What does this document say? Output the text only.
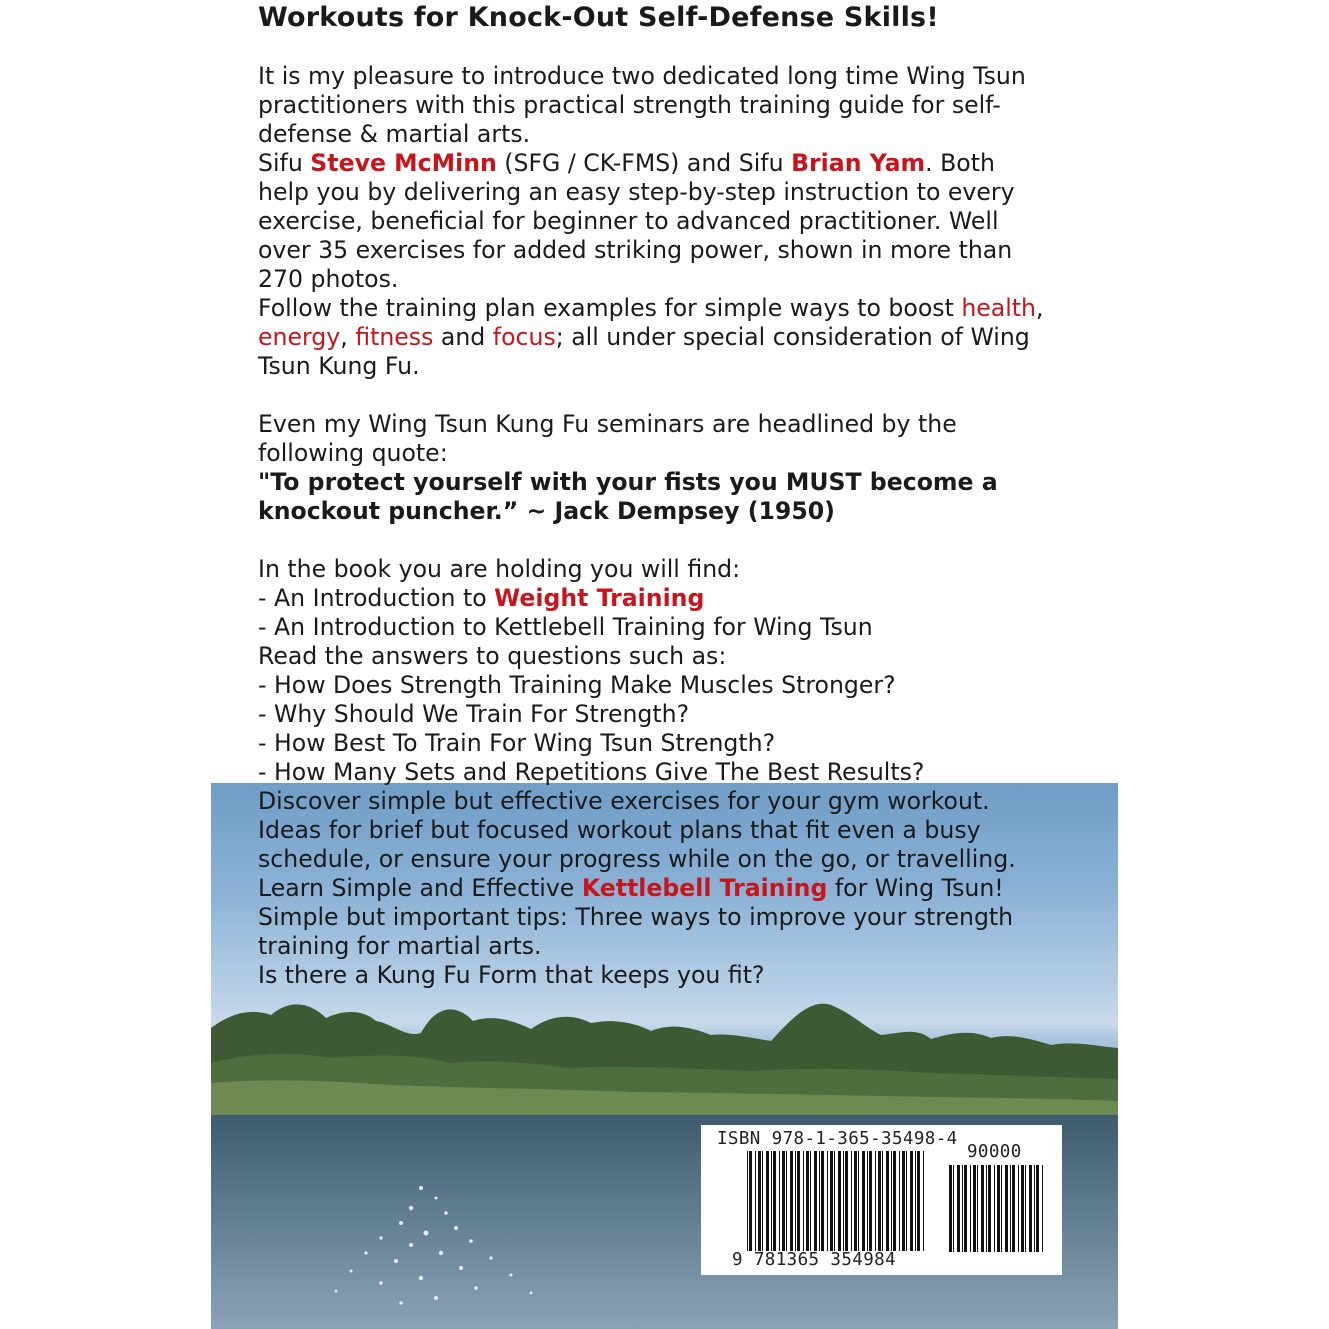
Workouts for Knock-Out Self-Defense Skills!
It is my pleasure to introduce two dedicated long time Wing Tsun
practitioners with this practical strength training guide for self-
defense & martial arts.
Sifu Steve McMinn (SFG / CK-FMS) and Sifu Brian Yam. Both
help you by delivering an easy step-by-step instruction to every
exercise, beneficial for beginner to advanced practitioner. Well
over 35 exercises for added striking power, shown in more than
270 photos.
Follow the training plan examples for simple ways to boost health,
energy, fitness and focus; all under special consideration of Wing
Tsun Kung Fu.
Even my Wing Tsun Kung Fu seminars are headlined by the
following quote:
"To protect yourself with your fists you MUST become a
knockout puncher.” ~ Jack Dempsey (1950)
In the book you are holding you will find:
- An Introduction to Weight Training
- An Introduction to Kettlebell Training for Wing Tsun
Read the answers to questions such as:
- How Does Strength Training Make Muscles Stronger?
- Why Should We Train For Strength?
- How Best To Train For Wing Tsun Strength?
- How Many Sets and Repetitions Give The Best Results?
Discover simple but effective exercises for your gym workout.
Ideas for brief but focused workout plans that fit even a busy
schedule, or ensure your progress while on the go, or travelling.
Learn Simple and Effective Kettlebell Training for Wing Tsun!
Simple but important tips: Three ways to improve your strength
training for martial arts.
Is there a Kung Fu Form that keeps you fit?
ISBN 978-1-365-35498-4
90000
9 781365 354984
